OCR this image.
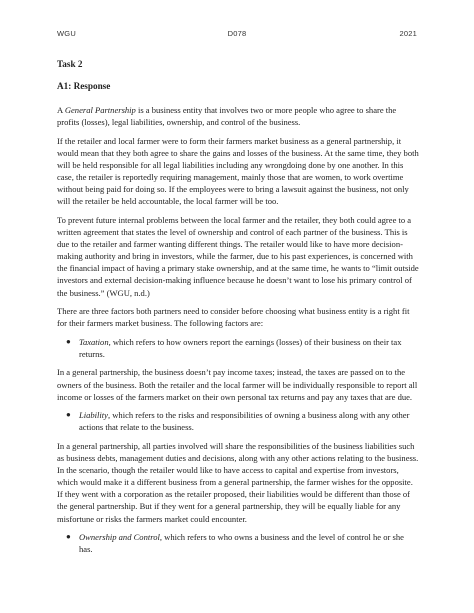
WGU	D078	2021
Task 2
A1: Response

A General Partnership is a business entity that involves two or more people who agree to share the profits (losses), legal liabilities, ownership, and control of the business.

If the retailer and local farmer were to form their farmers market business as a general partnership, it would mean that they both agree to share the gains and losses of the business. At the same time, they both will be held responsible for all legal liabilities including any wrongdoing done by one another. In this case, the retailer is reportedly requiring management, mainly those that are women, to work overtime without being paid for doing so. If the employees were to bring a lawsuit against the business, not only will the retailer be held accountable, the local farmer will be too.

To prevent future internal problems between the local farmer and the retailer, they both could agree to a written agreement that states the level of ownership and control of each partner of the business. This is due to the retailer and farmer wanting different things. The retailer would like to have more decision-making authority and bring in investors, while the farmer, due to his past experiences, is concerned with the financial impact of having a primary stake ownership, and at the same time, he wants to “limit outside investors and external decision-making influence because he doesn’t want to lose his primary control of the business.” (WGU, n.d.)

There are three factors both partners need to consider before choosing what business entity is a right fit for their farmers market business. The following factors are:

● Taxation, which refers to how owners report the earnings (losses) of their business on their tax returns.

In a general partnership, the business doesn’t pay income taxes; instead, the taxes are passed on to the owners of the business. Both the retailer and the local farmer will be individually responsible to report all income or losses of the farmers market on their own personal tax returns and pay any taxes that are due.

● Liability, which refers to the risks and responsibilities of owning a business along with any other actions that relate to the business.

In a general partnership, all parties involved will share the responsibilities of the business liabilities such as business debts, management duties and decisions, along with any other actions relating to the business. In the scenario, though the retailer would like to have access to capital and expertise from investors, which would make it a different business from a general partnership, the farmer wishes for the opposite. If they went with a corporation as the retailer proposed, their liabilities would be different than those of the general partnership. But if they went for a general partnership, they will be equally liable for any misfortune or risks the farmers market could encounter.

● Ownership and Control, which refers to who owns a business and the level of control he or she has.
